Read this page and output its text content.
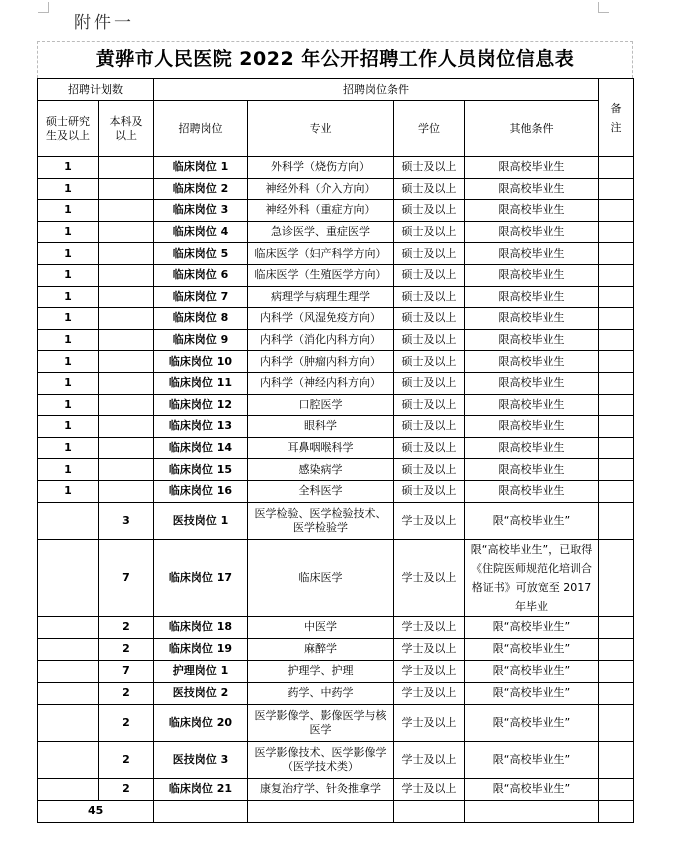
附件一
黄骅市人民医院 2022 年公开招聘工作人员岗位信息表
招聘计划数		招聘岗位条件				备注
硕士研究生及以上	本科及以上	招聘岗位	专业	学位	其他条件	
1		临床岗位 1	外科学（烧伤方向）	硕士及以上	限高校毕业生	
1		临床岗位 2	神经外科（介入方向）	硕士及以上	限高校毕业生	
1		临床岗位 3	神经外科（重症方向）	硕士及以上	限高校毕业生	
1		临床岗位 4	急诊医学、重症医学	硕士及以上	限高校毕业生	
1		临床岗位 5	临床医学（妇产科学方向）	硕士及以上	限高校毕业生	
1		临床岗位 6	临床医学（生殖医学方向）	硕士及以上	限高校毕业生	
1		临床岗位 7	病理学与病理生理学	硕士及以上	限高校毕业生	
1		临床岗位 8	内科学（风湿免疫方向）	硕士及以上	限高校毕业生	
1		临床岗位 9	内科学（消化内科方向）	硕士及以上	限高校毕业生	
1		临床岗位 10	内科学（肿瘤内科方向）	硕士及以上	限高校毕业生	
1		临床岗位 11	内科学（神经内科方向）	硕士及以上	限高校毕业生	
1		临床岗位 12	口腔医学	硕士及以上	限高校毕业生	
1		临床岗位 13	眼科学	硕士及以上	限高校毕业生	
1		临床岗位 14	耳鼻咽喉科学	硕士及以上	限高校毕业生	
1		临床岗位 15	感染病学	硕士及以上	限高校毕业生	
1		临床岗位 16	全科医学	硕士及以上	限高校毕业生	
	3	医技岗位 1	医学检验、医学检验技术、医学检验学	学士及以上	限“高校毕业生”	
	7	临床岗位 17	临床医学	学士及以上	限“高校毕业生”，已取得《住院医师规范化培训合格证书》可放宽至 2017 年毕业	
	2	临床岗位 18	中医学	学士及以上	限“高校毕业生”	
	2	临床岗位 19	麻醉学	学士及以上	限“高校毕业生”	
	7	护理岗位 1	护理学、护理	学士及以上	限“高校毕业生”	
	2	医技岗位 2	药学、中药学	学士及以上	限“高校毕业生”	
	2	临床岗位 20	医学影像学、影像医学与核医学	学士及以上	限“高校毕业生”	
	2	医技岗位 3	医学影像技术、医学影像学（医学技术类）	学士及以上	限“高校毕业生”	
	2	临床岗位 21	康复治疗学、针灸推拿学	学士及以上	限“高校毕业生”	
45						
